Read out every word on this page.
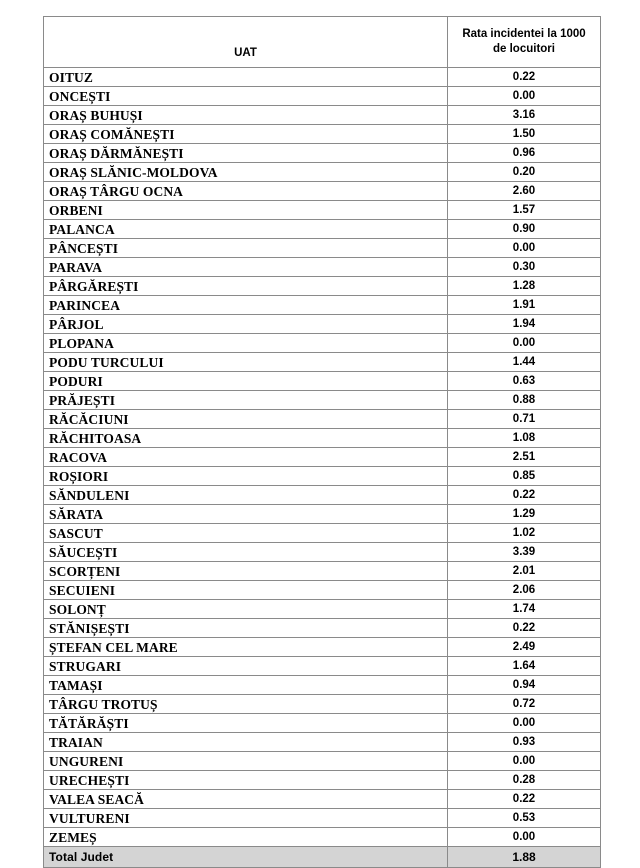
UAT	Rata incidentei la 1000
de locuitori

OITUZ	0.22
ONCEȘTI	0.00
ORAȘ BUHUȘI	3.16
ORAȘ COMĂNEȘTI	1.50
ORAȘ DĂRMĂNEȘTI	0.96
ORAȘ SLĂNIC-MOLDOVA	0.20
ORAȘ TÂRGU OCNA	2.60
ORBENI	1.57
PALANCA	0.90
PÂNCEȘTI	0.00
PARAVA	0.30
PÂRGĂREȘTI	1.28
PARINCEA	1.91
PÂRJOL	1.94
PLOPANA	0.00
PODU TURCULUI	1.44
PODURI	0.63
PRĂJEȘTI	0.88
RĂCĂCIUNI	0.71
RĂCHITOASA	1.08
RACOVA	2.51
ROȘIORI	0.85
SĂNDULENI	0.22
SĂRATA	1.29
SASCUT	1.02
SĂUCEȘTI	3.39
SCORȚENI	2.01
SECUIENI	2.06
SOLONȚ	1.74
STĂNIȘEȘTI	0.22
ȘTEFAN CEL MARE	2.49
STRUGARI	1.64
TAMAȘI	0.94
TÂRGU TROTUȘ	0.72
TĂTĂRĂȘTI	0.00
TRAIAN	0.93
UNGURENI	0.00
URECHEȘTI	0.28
VALEA SEACĂ	0.22
VULTURENI	0.53
ZEMEȘ	0.00
Total Judet	1.88
